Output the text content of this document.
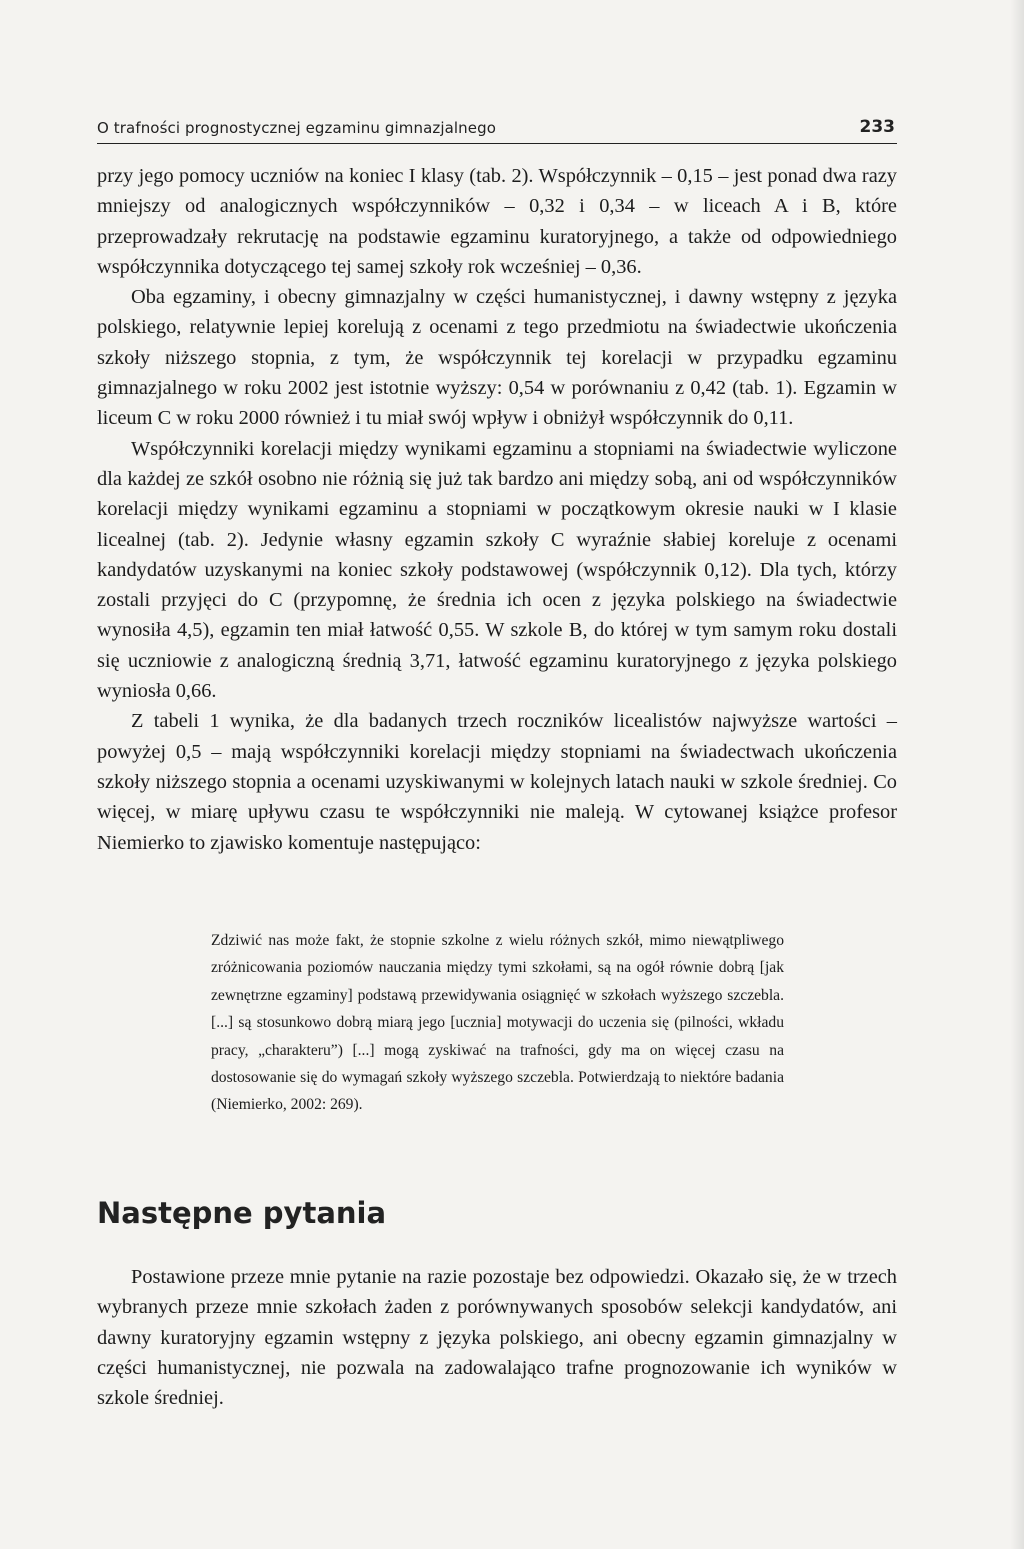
O trafności prognostycznej egzaminu gimnazjalnego	233

przy jego pomocy uczniów na koniec I klasy (tab. 2). Współczynnik – 0,15 – jest ponad dwa razy mniejszy od analogicznych współczynników – 0,32 i 0,34 – w liceach A i B, które przeprowadzały rekrutację na podstawie egzaminu kuratoryjnego, a także od odpowiedniego współczynnika dotyczącego tej samej szkoły rok wcześniej – 0,36.

Oba egzaminy, i obecny gimnazjalny w części humanistycznej, i dawny wstępny z języka polskiego, relatywnie lepiej korelują z ocenami z tego przedmiotu na świadectwie ukończenia szkoły niższego stopnia, z tym, że współczynnik tej korelacji w przypadku egzaminu gimnazjalnego w roku 2002 jest istotnie wyższy: 0,54 w porównaniu z 0,42 (tab. 1). Egzamin w liceum C w roku 2000 również i tu miał swój wpływ i obniżył współczynnik do 0,11.

Współczynniki korelacji między wynikami egzaminu a stopniami na świadectwie wyliczone dla każdej ze szkół osobno nie różnią się już tak bardzo ani między sobą, ani od współczynników korelacji między wynikami egzaminu a stopniami w początkowym okresie nauki w I klasie licealnej (tab. 2). Jedynie własny egzamin szkoły C wyraźnie słabiej koreluje z ocenami kandydatów uzyskanymi na koniec szkoły podstawowej (współczynnik 0,12). Dla tych, którzy zostali przyjęci do C (przypomnę, że średnia ich ocen z języka polskiego na świadectwie wynosiła 4,5), egzamin ten miał łatwość 0,55. W szkole B, do której w tym samym roku dostali się uczniowie z analogiczną średnią 3,71, łatwość egzaminu kuratoryjnego z języka polskiego wyniosła 0,66.

Z tabeli 1 wynika, że dla badanych trzech roczników licealistów najwyższe wartości – powyżej 0,5 – mają współczynniki korelacji między stopniami na świadectwach ukończenia szkoły niższego stopnia a ocenami uzyskiwanymi w kolejnych latach nauki w szkole średniej. Co więcej, w miarę upływu czasu te współczynniki nie maleją. W cytowanej książce profesor Niemierko to zjawisko komentuje następująco:

Zdziwić nas może fakt, że stopnie szkolne z wielu różnych szkół, mimo niewątpliwego zróżnicowania poziomów nauczania między tymi szkołami, są na ogół równie dobrą [jak zewnętrzne egzaminy] podstawą przewidywania osiągnięć w szkołach wyższego szczebla. [...] są stosunkowo dobrą miarą jego [ucznia] motywacji do uczenia się (pilności, wkładu pracy, „charakteru”) [...] mogą zyskiwać na trafności, gdy ma on więcej czasu na dostosowanie się do wymagań szkoły wyższego szczebla. Potwierdzają to niektóre badania (Niemierko, 2002: 269).

Następne pytania

Postawione przeze mnie pytanie na razie pozostaje bez odpowiedzi. Okazało się, że w trzech wybranych przeze mnie szkołach żaden z porównywanych sposobów selekcji kandydatów, ani dawny kuratoryjny egzamin wstępny z języka polskiego, ani obecny egzamin gimnazjalny w części humanistycznej, nie pozwala na zadowalająco trafne prognozowanie ich wyników w szkole średniej.
